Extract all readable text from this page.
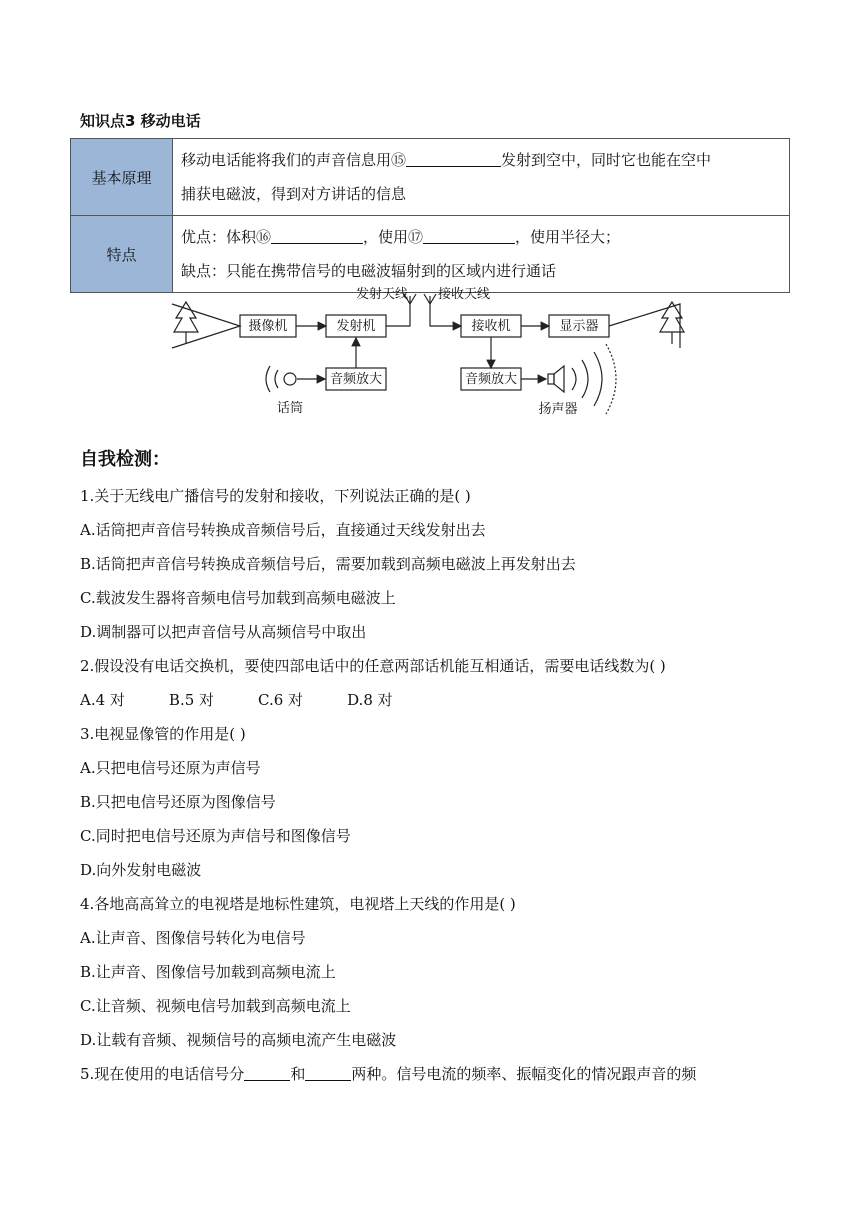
知识点3 移动电话
基本原理	移动电话能将我们的声音信息用⑮ 发射到空中，同时它也能在空中
捕获电磁波，得到对方讲话的信息

特点	优点：体积⑯ ，使用⑰ ，使用半径大；
缺点：只能在携带信号的电磁波辐射到的区域内进行通话
摄像机	发射机
音频放大
话筒
发射天线 接收天线
接收机	显示器
音频放大
扬声器
自我检测：
1.关于无线电广播信号的发射和接收，下列说法正确的是( )
A.话筒把声音信号转换成音频信号后，直接通过天线发射出去
B.话筒把声音信号转换成音频信号后，需要加载到高频电磁波上再发射出去
C.载波发生器将音频电信号加载到高频电磁波上
D.调制器可以把声音信号从高频信号中取出
2.假设没有电话交换机，要使四部电话中的任意两部话机能互相通话，需要电话线数为( )
A.4 对	B.5 对	C.6 对	D.8 对
3.电视显像管的作用是( )
A.只把电信号还原为声信号
B.只把电信号还原为图像信号
C.同时把电信号还原为声信号和图像信号
D.向外发射电磁波
4.各地高高耸立的电视塔是地标性建筑，电视塔上天线的作用是( )
A.让声音、图像信号转化为电信号
B.让声音、图像信号加载到高频电流上
C.让音频、视频电信号加载到高频电流上
D.让载有音频、视频信号的高频电流产生电磁波
5.现在使用的电话信号分	和	两种。信号电流的频率、振幅变化的情况跟声音的频
